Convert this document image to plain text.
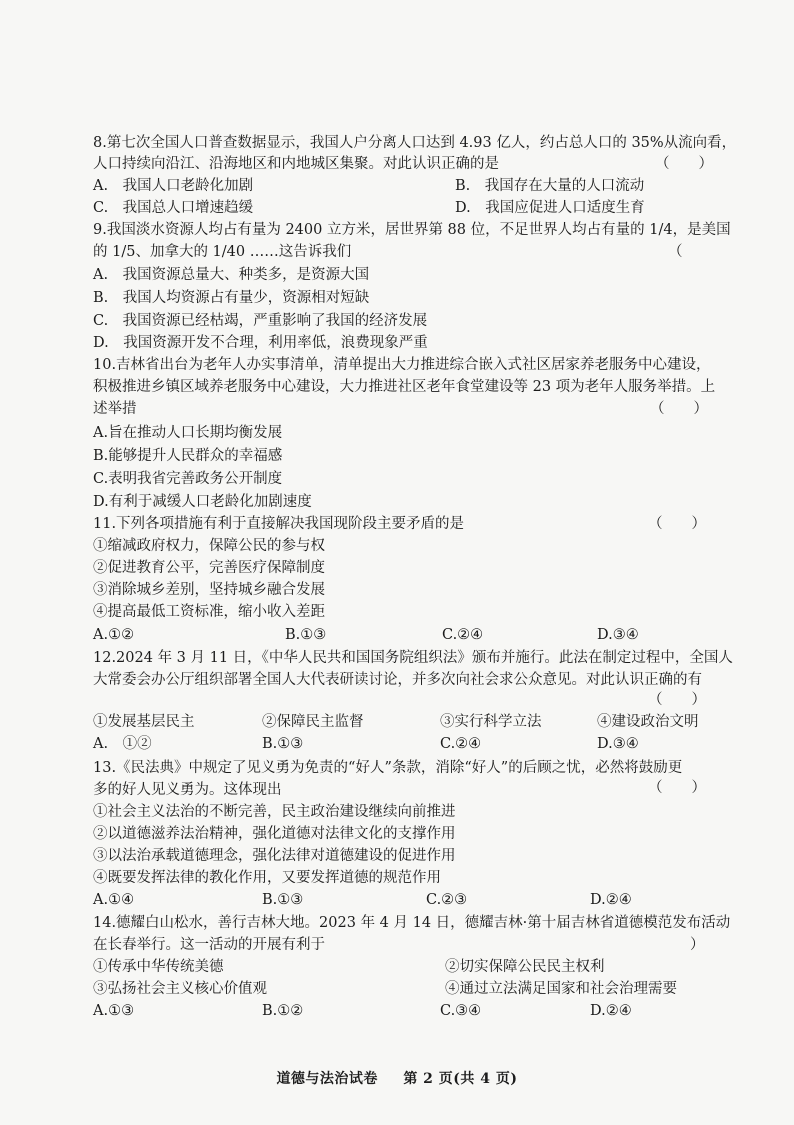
8.第七次全国人口普查数据显示，我国人户分离人口达到 4.93 亿人，约占总人口的 35%从流向看，
人口持续向沿江、沿海地区和内地城区集聚。对此认识正确的是	（　　）
A.　我国人口老龄化加剧	B.　我国存在大量的人口流动
C.　我国总人口增速趋缓	D.　我国应促进人口适度生育
9.我国淡水资源人均占有量为 2400 立方米，居世界第 88 位，不足世界人均占有量的 1/4，是美国
的 1/5、加拿大的 1/40 ……这告诉我们	（
A.　我国资源总量大、种类多，是资源大国
B.　我国人均资源占有量少，资源相对短缺
C.　我国资源已经枯竭，严重影响了我国的经济发展
D.　我国资源开发不合理，利用率低，浪费现象严重
10.吉林省出台为老年人办实事清单，清单提出大力推进综合嵌入式社区居家养老服务中心建设，
积极推进乡镇区域养老服务中心建设，大力推进社区老年食堂建设等 23 项为老年人服务举措。上
述举措	（　　）
A.旨在推动人口长期均衡发展
B.能够提升人民群众的幸福感
C.表明我省完善政务公开制度
D.有利于减缓人口老龄化加剧速度
11.下列各项措施有利于直接解决我国现阶段主要矛盾的是	（　　）
①缩减政府权力，保障公民的参与权
②促进教育公平，完善医疗保障制度
③消除城乡差别，坚持城乡融合发展
④提高最低工资标准，缩小收入差距
A.①②	B.①③	C.②④	D.③④
12.2024 年 3 月 11 日，《中华人民共和国国务院组织法》颁布并施行。此法在制定过程中，全国人
大常委会办公厅组织部署全国人大代表研读讨论，并多次向社会求公众意见。对此认识正确的有
（　　）
①发展基层民主	②保障民主监督	③实行科学立法	④建设政治文明
A.　①②	B.①③	C.②④	D.③④
13.《民法典》中规定了见义勇为免责的“好人”条款，消除“好人”的后顾之忧，必然将鼓励更
多的好人见义勇为。这体现出	（　　）
①社会主义法治的不断完善，民主政治建设继续向前推进
②以道德滋养法治精神，强化道德对法律文化的支撑作用
③以法治承载道德理念，强化法律对道德建设的促进作用
④既要发挥法律的教化作用，又要发挥道德的规范作用
A.①④	B.①③	C.②③	D.②④
14.德耀白山松水，善行吉林大地。2023 年 4 月 14 日，德耀吉林·第十届吉林省道德模范发布活动
在长春举行。这一活动的开展有利于	）
①传承中华传统美德	②切实保障公民民主权利
③弘扬社会主义核心价值观	④通过立法满足国家和社会治理需要
A.①③	B.①②	C.③④	D.②④
道德与法治试卷 第 2 页(共 4 页)
